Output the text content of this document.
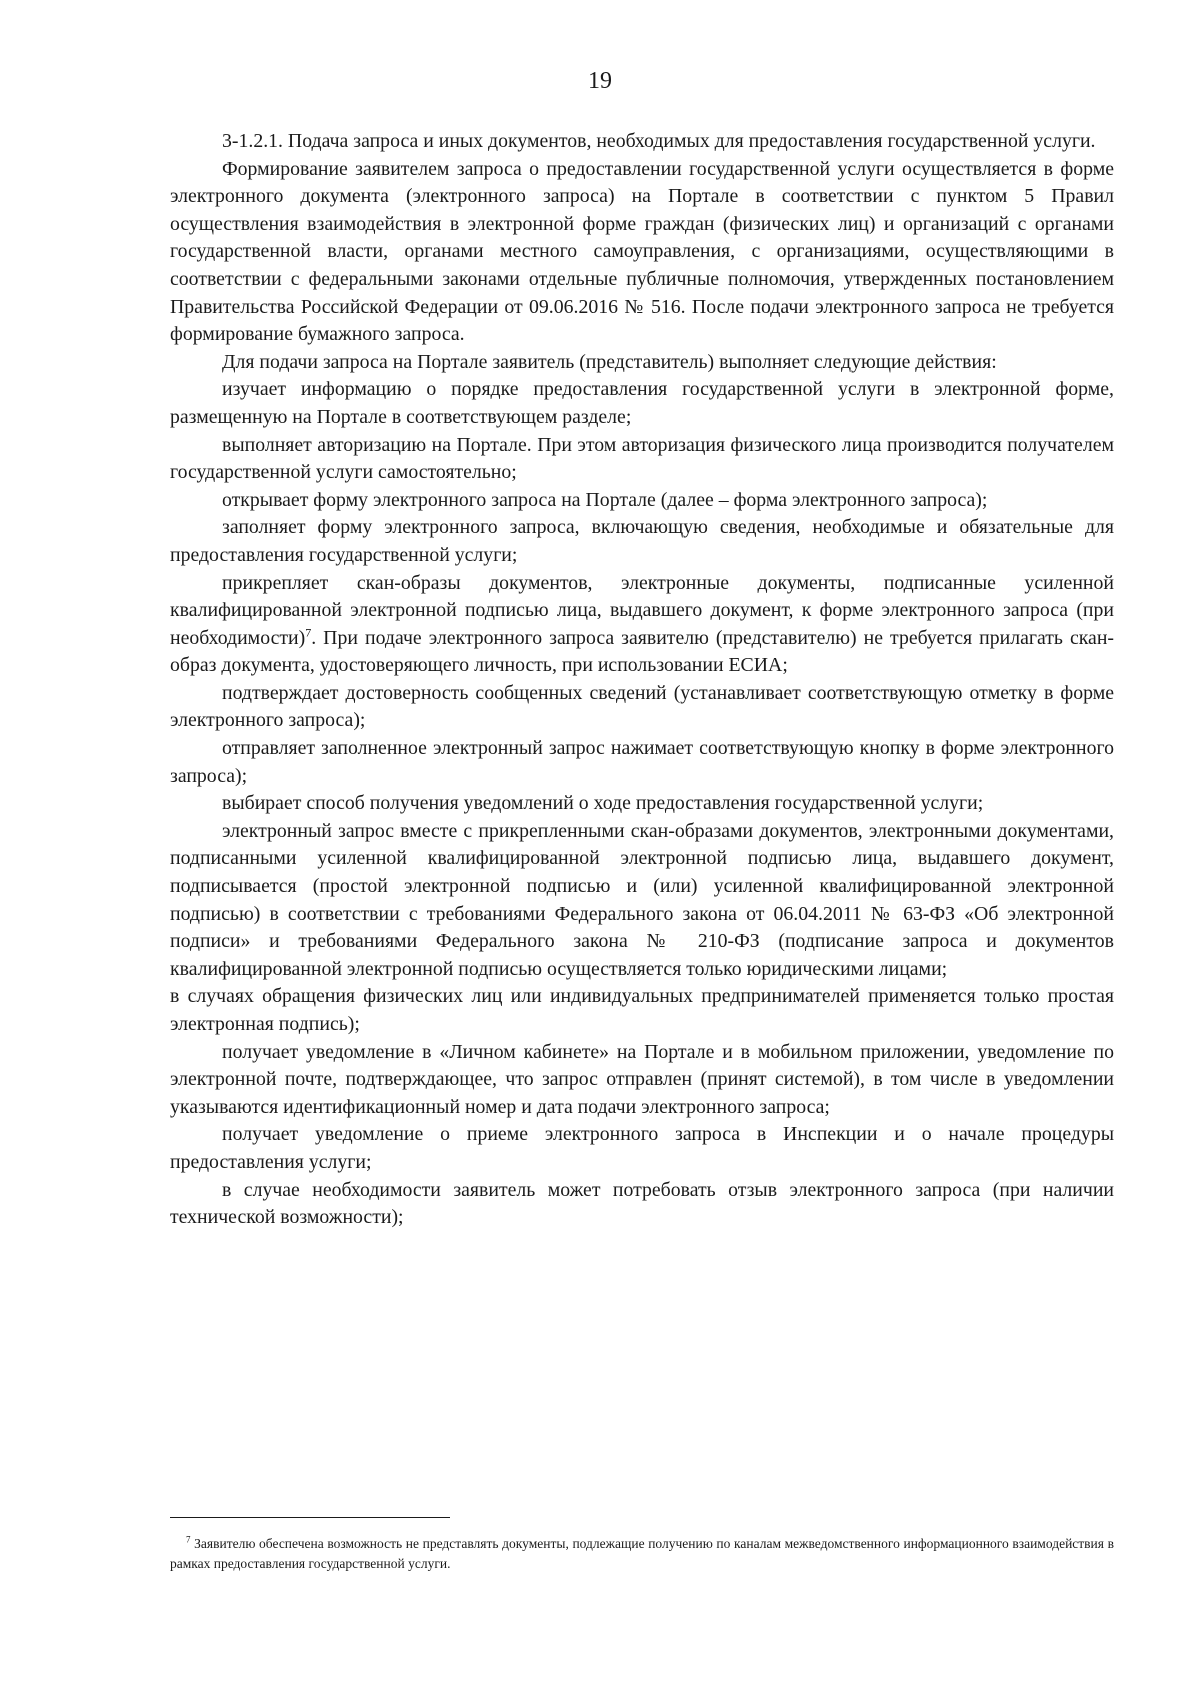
19

3-1.2.1. Подача запроса и иных документов, необходимых для предоставления государственной услуги.

Формирование заявителем запроса о предоставлении государственной услуги осуществляется в форме электронного документа (электронного запроса) на Портале в соответствии с пунктом 5 Правил осуществления взаимодействия в электронной форме граждан (физических лиц) и организаций с органами государственной власти, органами местного самоуправления, с организациями, осуществляющими в соответствии с федеральными законами отдельные публичные полномочия, утвержденных постановлением Правительства Российской Федерации от 09.06.2016 № 516. После подачи электронного запроса не требуется формирование бумажного запроса.

Для подачи запроса на Портале заявитель (представитель) выполняет следующие действия:

изучает информацию о порядке предоставления государственной услуги в электронной форме, размещенную на Портале в соответствующем разделе;

выполняет авторизацию на Портале. При этом авторизация физического лица производится получателем государственной услуги самостоятельно;

открывает форму электронного запроса на Портале (далее – форма электронного запроса);

заполняет форму электронного запроса, включающую сведения, необходимые и обязательные для предоставления государственной услуги;

прикрепляет скан-образы документов, электронные документы, подписанные усиленной квалифицированной электронной подписью лица, выдавшего документ, к форме электронного запроса (при необходимости)$^7$. При подаче электронного запроса заявителю (представителю) не требуется прилагать скан-образ документа, удостоверяющего личность, при использовании ЕСИА;

подтверждает достоверность сообщенных сведений (устанавливает соответствующую отметку в форме электронного запроса);

отправляет заполненное электронный запрос нажимает соответствующую кнопку в форме электронного запроса);

выбирает способ получения уведомлений о ходе предоставления государственной услуги;

электронный запрос вместе с прикрепленными скан-образами документов, электронными документами, подписанными усиленной квалифицированной электронной подписью лица, выдавшего документ, подписывается (простой электронной подписью и (или) усиленной квалифицированной электронной подписью) в соответствии с требованиями Федерального закона от 06.04.2011 № 63-ФЗ «Об электронной подписи» и требованиями Федерального закона № 210-ФЗ (подписание запроса и документов квалифицированной электронной подписью осуществляется только юридическими лицами;

в случаях обращения физических лиц или индивидуальных предпринимателей применяется только простая электронная подпись);

получает уведомление в «Личном кабинете» на Портале и в мобильном приложении, уведомление по электронной почте, подтверждающее, что запрос отправлен (принят системой), в том числе в уведомлении указываются идентификационный номер и дата подачи электронного запроса;

получает уведомление о приеме электронного запроса в Инспекции и о начале процедуры предоставления услуги;

в случае необходимости заявитель может потребовать отзыв электронного запроса (при наличии технической возможности);

$^7$ Заявителю обеспечена возможность не представлять документы, подлежащие получению по каналам межведомственного информационного взаимодействия в рамках предоставления государственной услуги.
